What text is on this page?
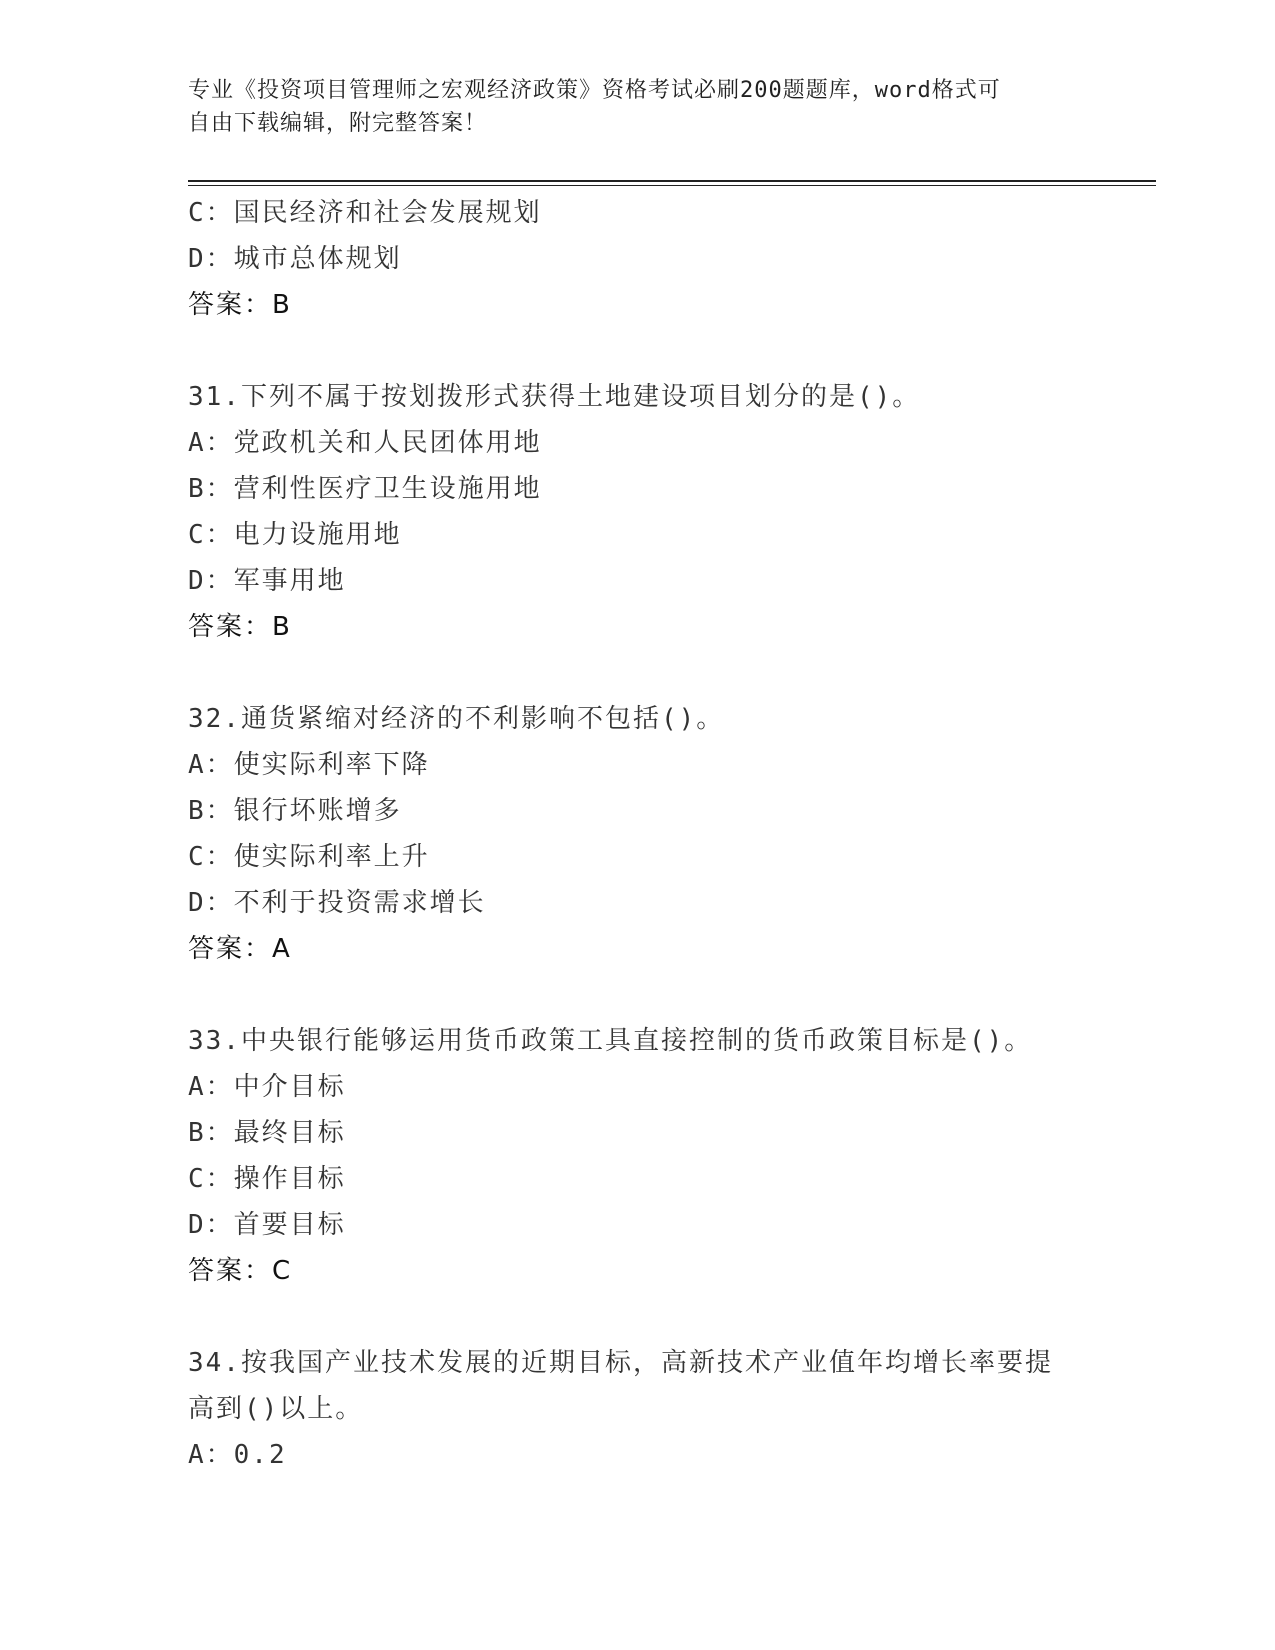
专业《投资项目管理师之宏观经济政策》资格考试必刷200题题库，word格式可
自由下载编辑，附完整答案！
C：国民经济和社会发展规划
D：城市总体规划
答案：B
31.下列不属于按划拨形式获得土地建设项目划分的是()。
A：党政机关和人民团体用地
B：营利性医疗卫生设施用地
C：电力设施用地
D：军事用地
答案：B
32.通货紧缩对经济的不利影响不包括()。
A：使实际利率下降
B：银行坏账增多
C：使实际利率上升
D：不利于投资需求增长
答案：A
33.中央银行能够运用货币政策工具直接控制的货币政策目标是()。
A：中介目标
B：最终目标
C：操作目标
D：首要目标
答案：C
34.按我国产业技术发展的近期目标，高新技术产业值年均增长率要提
高到()以上。
A：0.2
